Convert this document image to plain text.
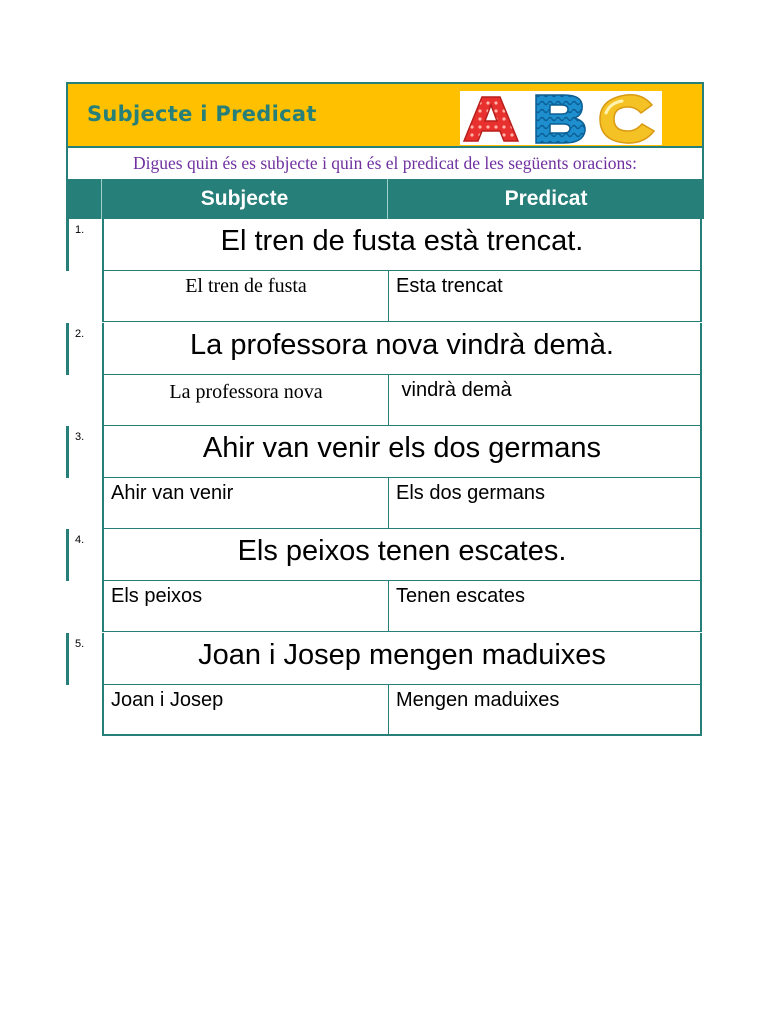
Subjecte i Predicat
Digues quin és es subjecte i quin és el predicat de les següents oracions:
Subjecte	Predicat
1.	El tren de fusta està trencat.
El tren de fusta	Esta trencat
2.	La professora nova vindrà demà.
La professora nova	vindrà demà
3.	Ahir van venir els dos germans
Ahir van venir	Els dos germans
4.	Els peixos tenen escates.
Els peixos	Tenen escates
5.	Joan i Josep mengen maduixes
Joan i Josep	Mengen maduixes
